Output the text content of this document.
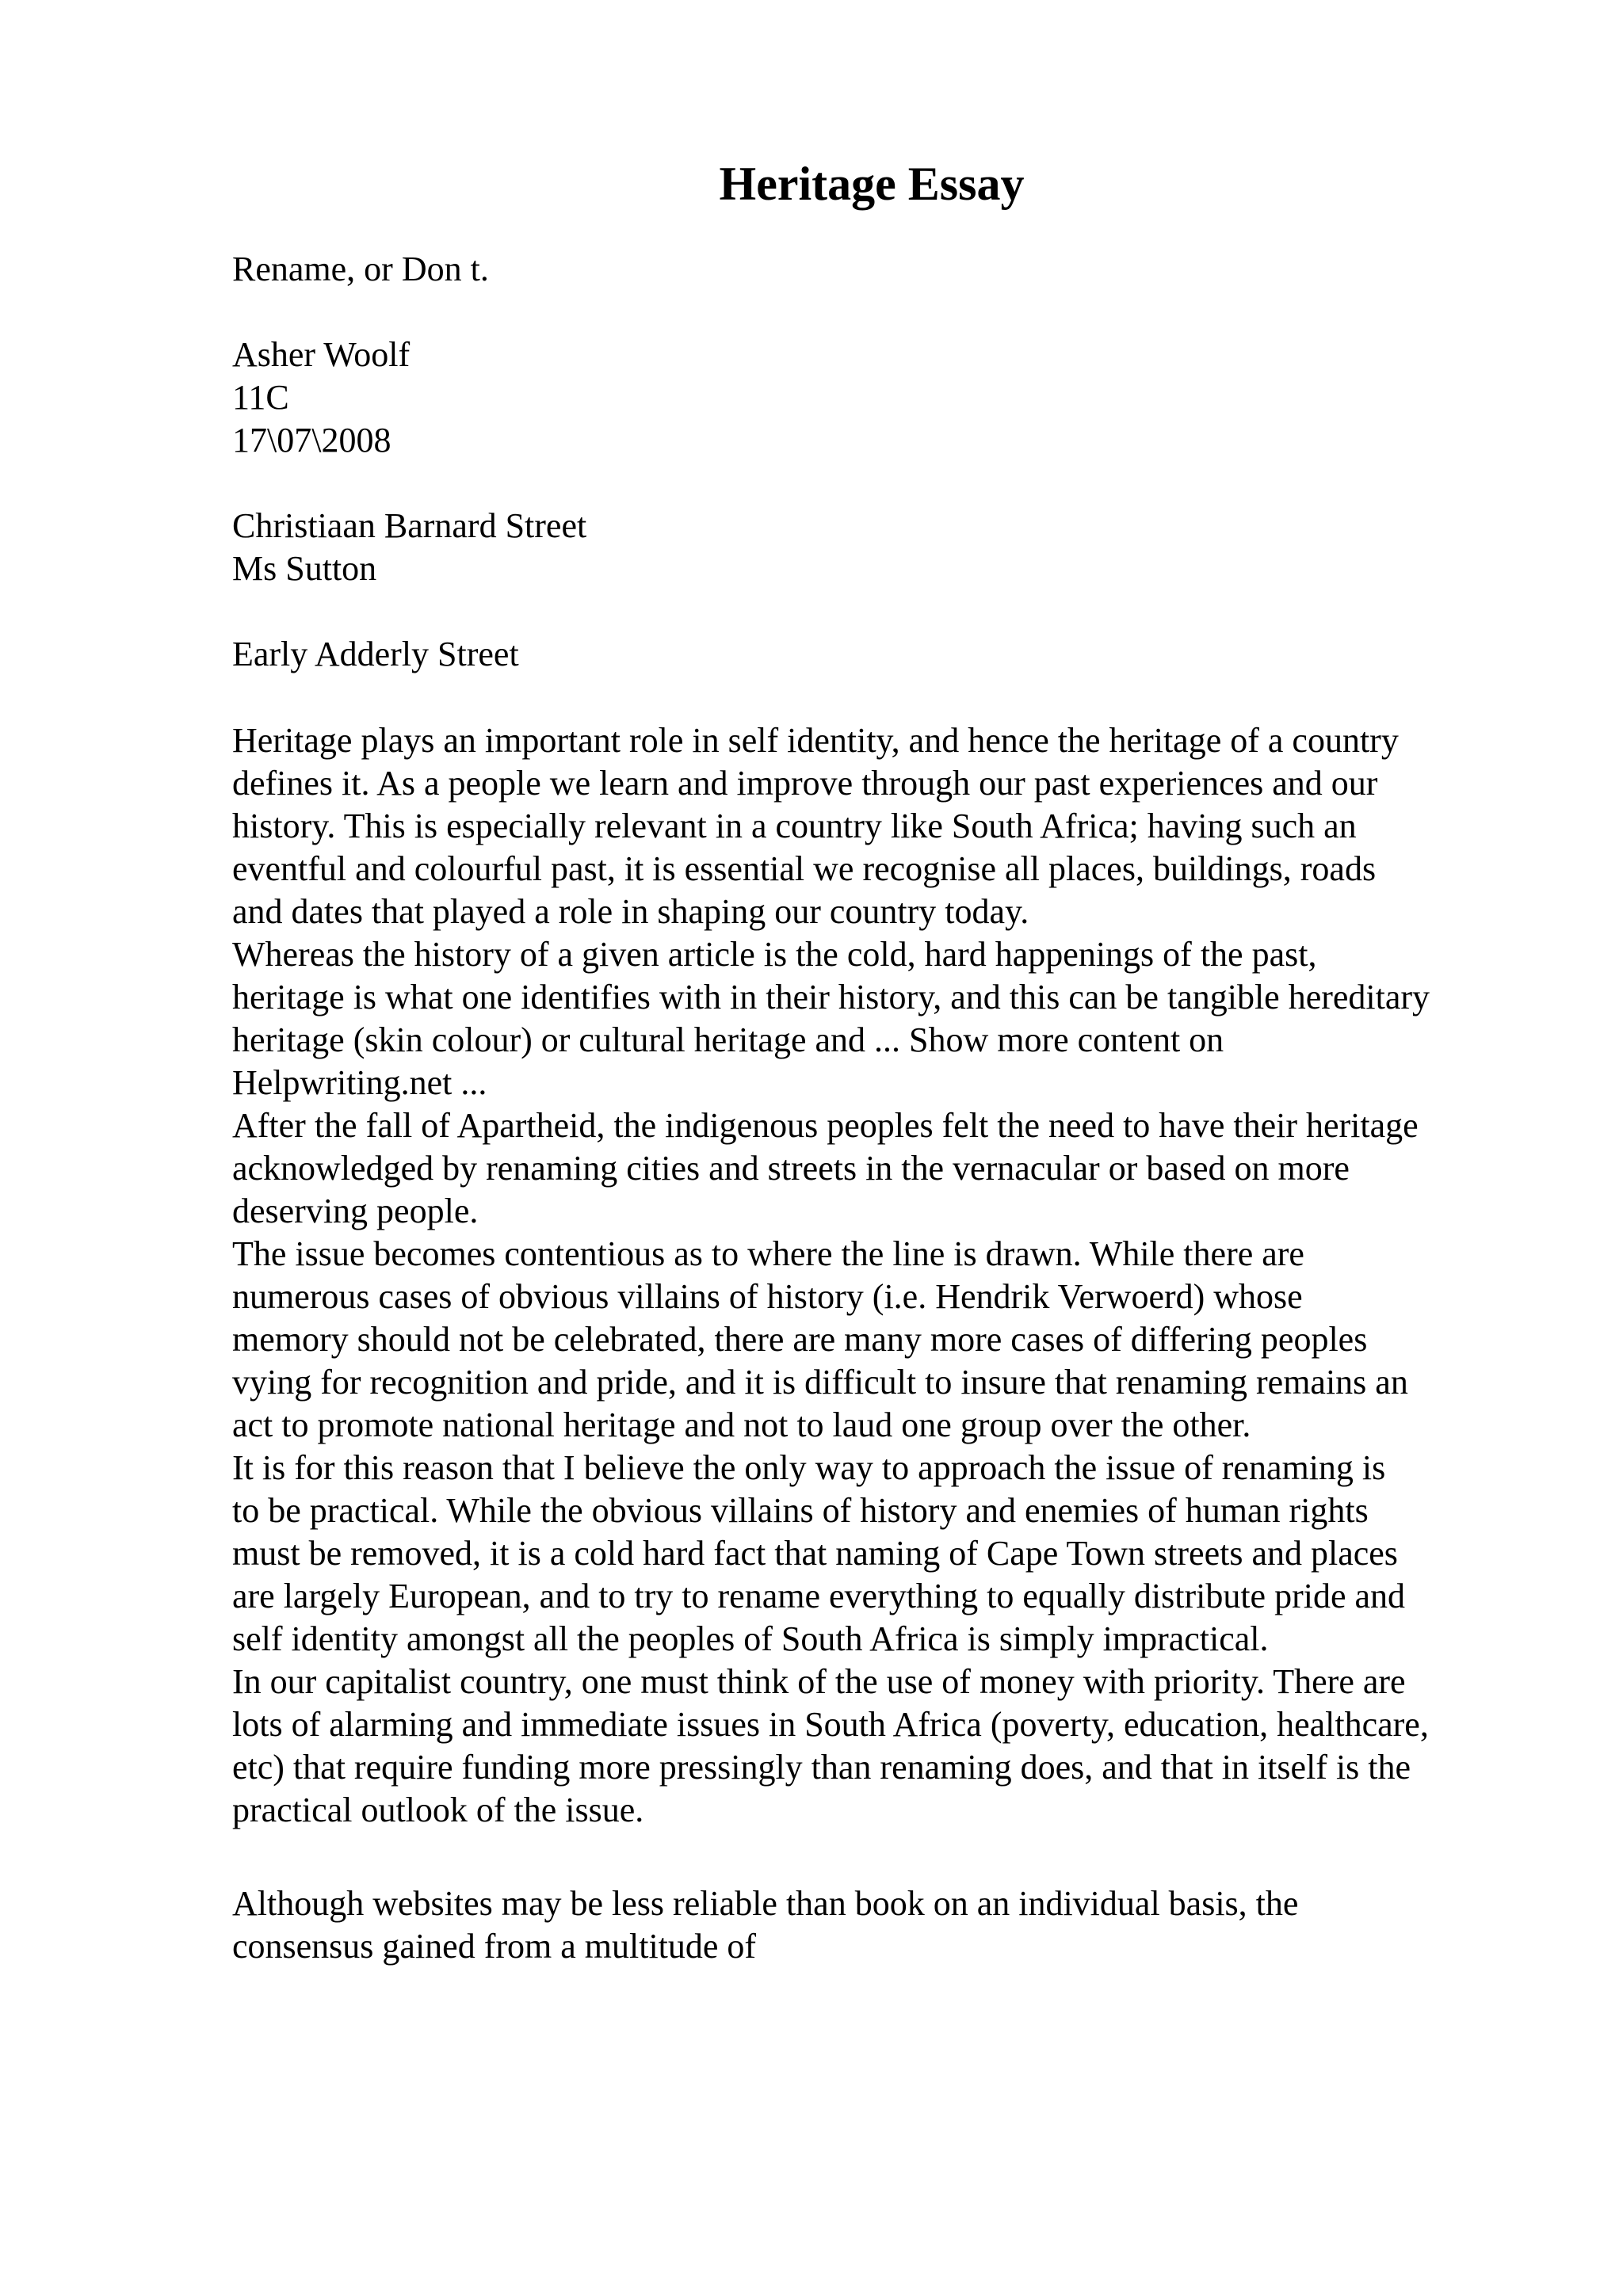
Heritage Essay

Rename, or Don t.

Asher Woolf
11C
17\07\2008

Christiaan Barnard Street
Ms Sutton

Early Adderly Street

Heritage plays an important role in self identity, and hence the heritage of a country
defines it. As a people we learn and improve through our past experiences and our
history. This is especially relevant in a country like South Africa; having such an
eventful and colourful past, it is essential we recognise all places, buildings, roads
and dates that played a role in shaping our country today.
Whereas the history of a given article is the cold, hard happenings of the past,
heritage is what one identifies with in their history, and this can be tangible hereditary
heritage (skin colour) or cultural heritage and ... Show more content on
Helpwriting.net ...
After the fall of Apartheid, the indigenous peoples felt the need to have their heritage
acknowledged by renaming cities and streets in the vernacular or based on more
deserving people.
The issue becomes contentious as to where the line is drawn. While there are
numerous cases of obvious villains of history (i.e. Hendrik Verwoerd) whose
memory should not be celebrated, there are many more cases of differing peoples
vying for recognition and pride, and it is difficult to insure that renaming remains an
act to promote national heritage and not to laud one group over the other.
It is for this reason that I believe the only way to approach the issue of renaming is
to be practical. While the obvious villains of history and enemies of human rights
must be removed, it is a cold hard fact that naming of Cape Town streets and places
are largely European, and to try to rename everything to equally distribute pride and
self identity amongst all the peoples of South Africa is simply impractical.
In our capitalist country, one must think of the use of money with priority. There are
lots of alarming and immediate issues in South Africa (poverty, education, healthcare,
etc) that require funding more pressingly than renaming does, and that in itself is the
practical outlook of the issue.
Although websites may be less reliable than book on an individual basis, the
consensus gained from a multitude of
